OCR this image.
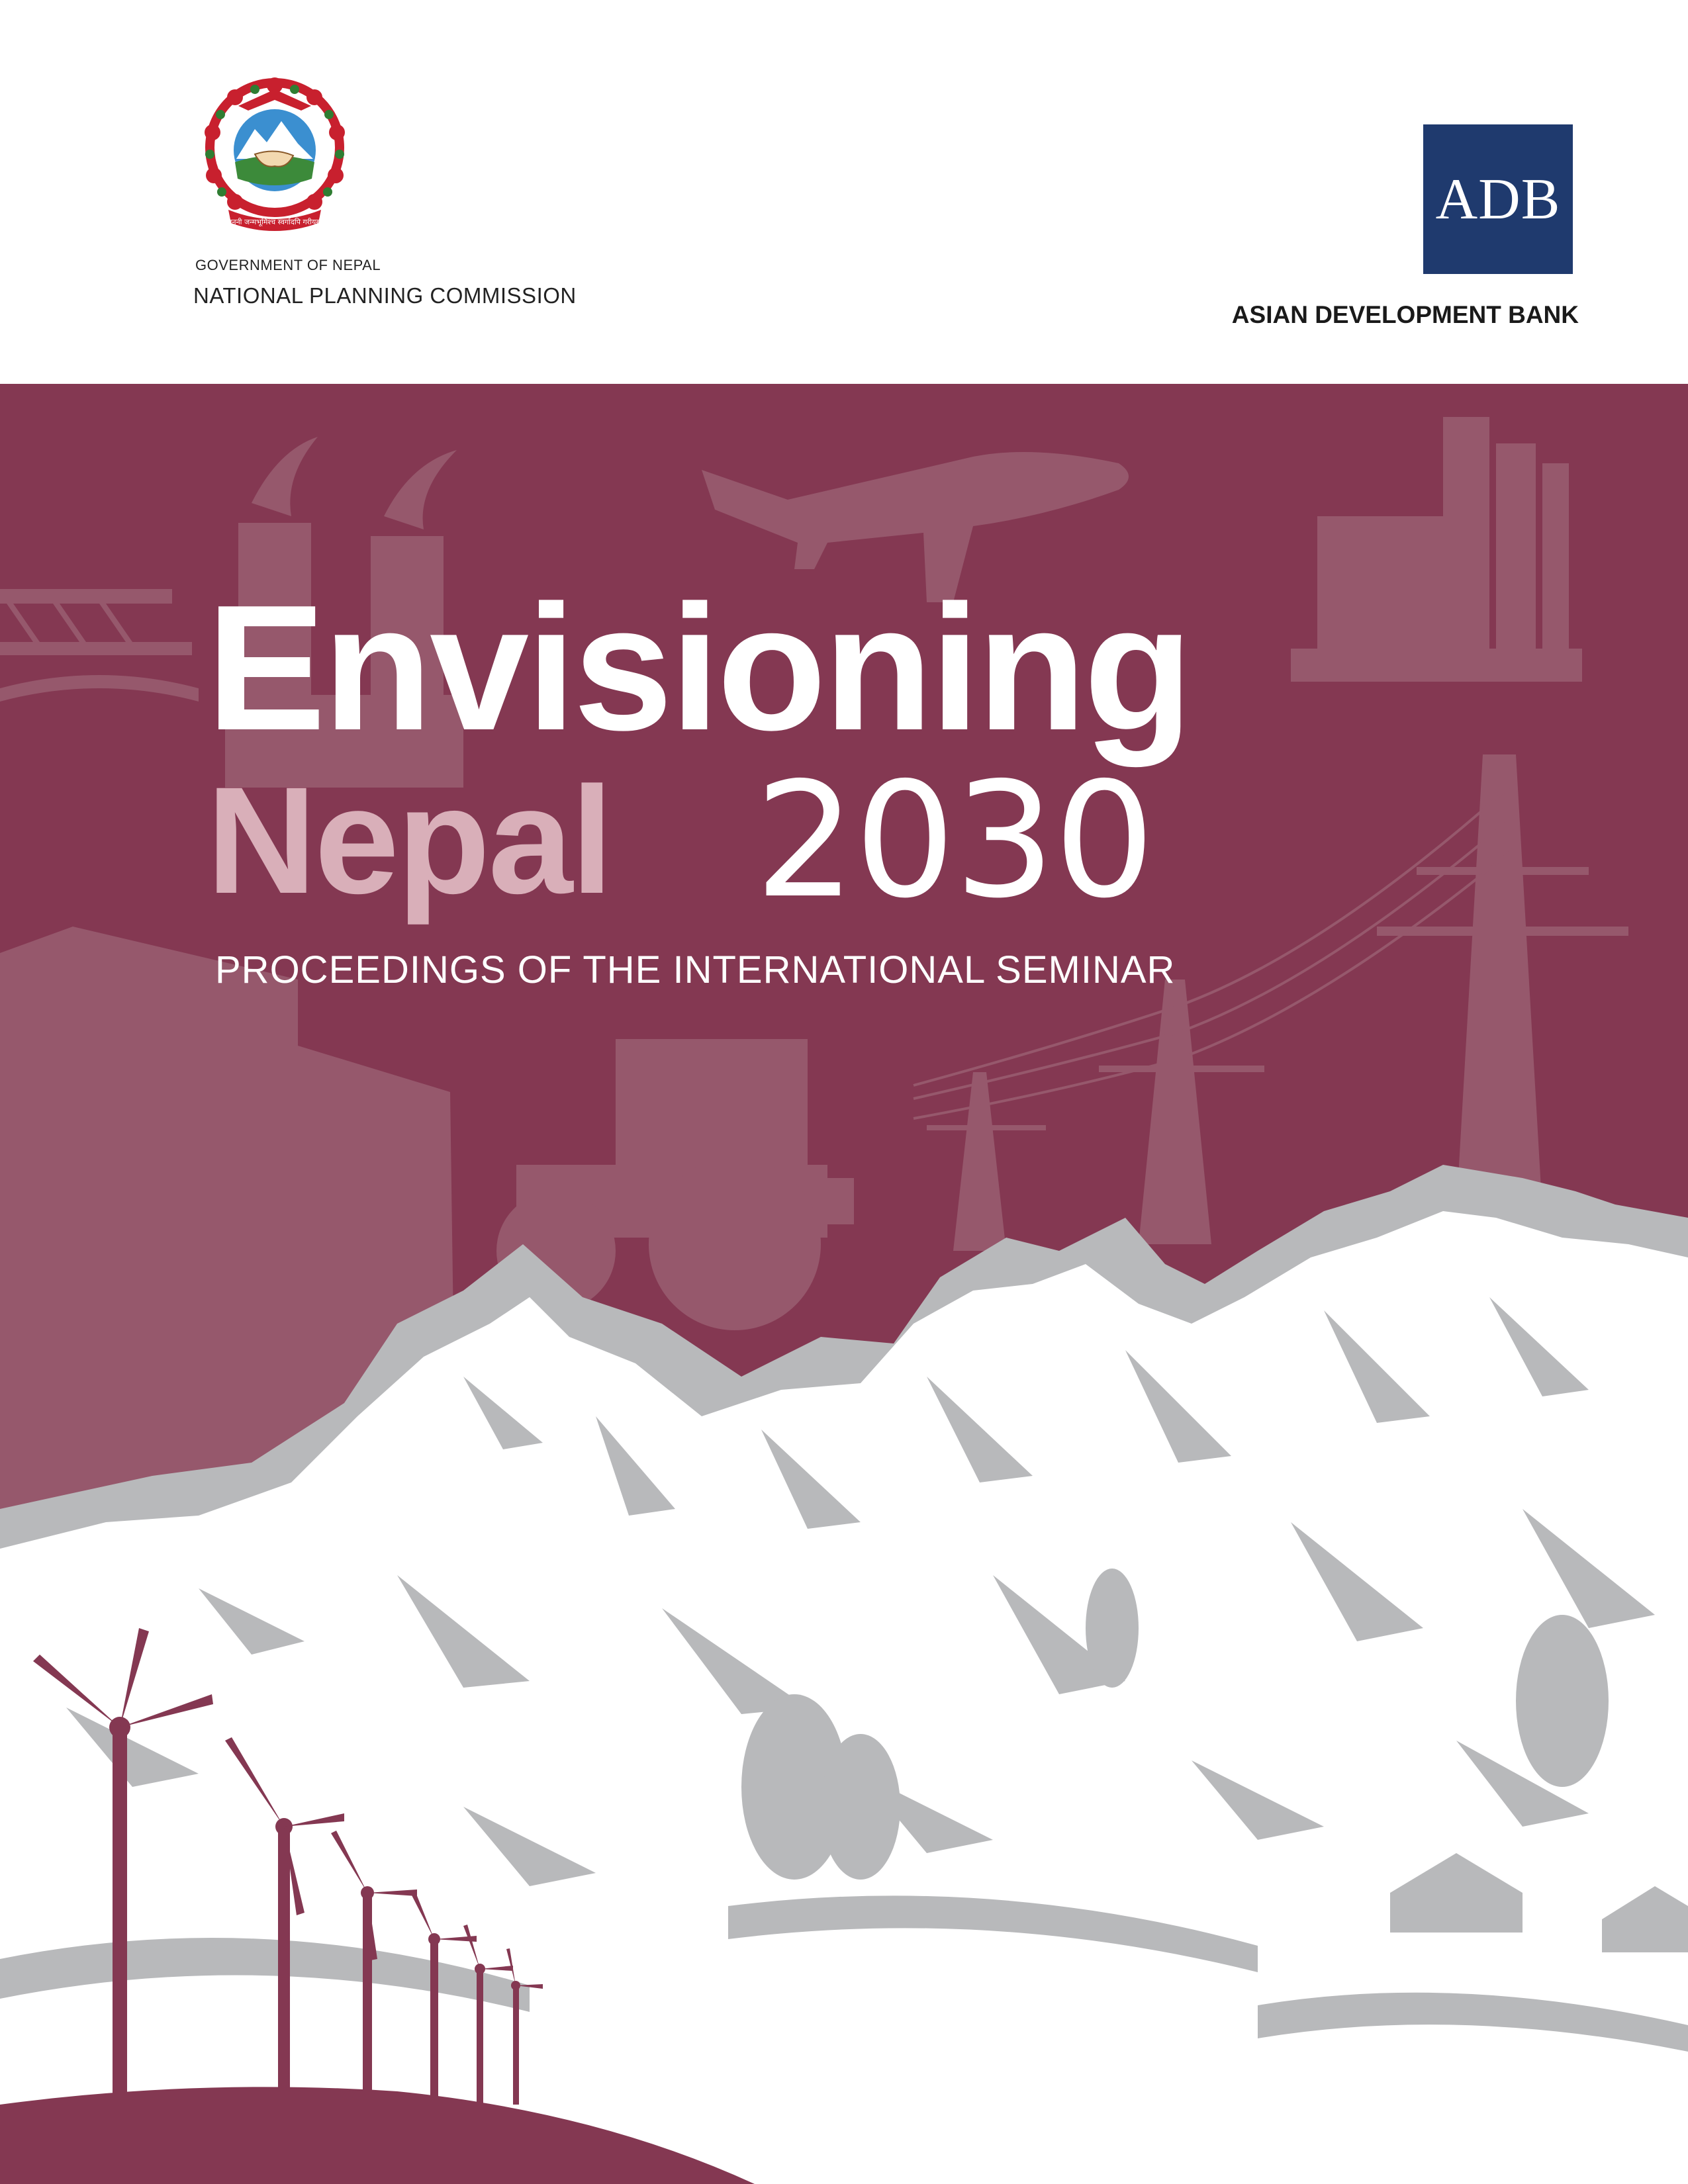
जननी जन्मभूमिश्च स्वर्गादपि गरीयसी
GOVERNMENT OF NEPAL
NATIONAL PLANNING COMMISSION
ADB
ASIAN DEVELOPMENT BANK
Envisioning
Nepal 2030
PROCEEDINGS OF THE INTERNATIONAL SEMINAR
